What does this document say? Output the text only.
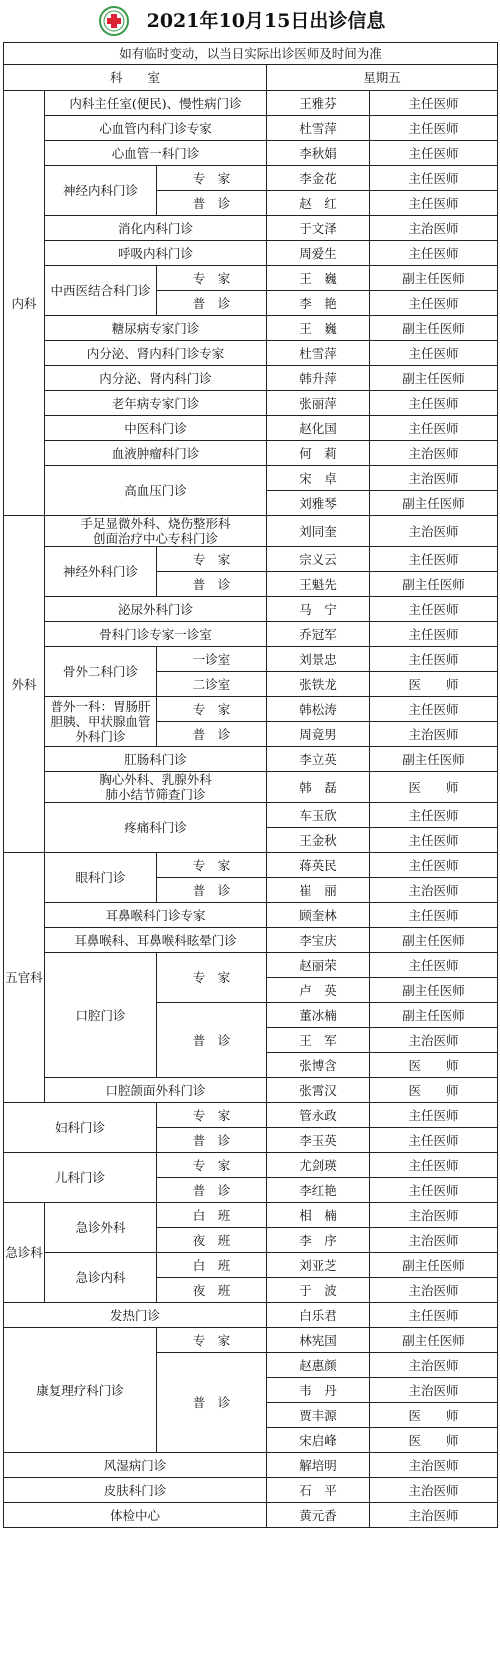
2021年10月15日出诊信息
如有临时变动，以当日实际出诊医师及时间为准				
科　　室			星期五	
内科	内科主任室(便民)、慢性病门诊		王雅芬	主任医师
	心血管内科门诊专家		杜雪萍	主任医师
	心血管一科门诊		李秋娟	主任医师
	神经内科门诊	专　家	李金花	主任医师
		普　诊	赵　红	主任医师
	消化内科门诊		于文泽	主治医师
	呼吸内科门诊		周爱生	主任医师
	中西医结合科门诊	专　家	王　巍	副主任医师
		普　诊	李　艳	主任医师
	糖尿病专家门诊		王　巍	副主任医师
	内分泌、肾内科门诊专家		杜雪萍	主任医师
	内分泌、肾内科门诊		韩升萍	副主任医师
	老年病专家门诊		张丽萍	主任医师
	中医科门诊		赵化国	主任医师
	血液肿瘤科门诊		何　莉	主治医师
	高血压门诊		宋　卓	主治医师
			刘雅琴	副主任医师
外科	手足显微外科、烧伤整形科
创面治疗中心专科门诊		刘同奎	主治医师
	神经外科门诊	专　家	宗义云	主任医师
		普　诊	王魁先	副主任医师
	泌尿外科门诊		马　宁	主任医师
	骨科门诊专家一诊室		乔冠军	主任医师
	骨外二科门诊	一诊室	刘景忠	主任医师
		二诊室	张铁龙	医　　师
	普外一科：胃肠肝
胆胰、甲状腺血管
外科门诊	专　家	韩松涛	主任医师
		普　诊	周竟男	主治医师
	肛肠科门诊		李立英	副主任医师
	胸心外科、乳腺外科
肺小结节筛查门诊		韩　磊	医　　师
	疼痛科门诊		车玉欣	主任医师
			王金秋	主任医师
五官科	眼科门诊	专　家	蒋英民	主任医师
		普　诊	崔　丽	主治医师
	耳鼻喉科门诊专家		顾奎林	主任医师
	耳鼻喉科、耳鼻喉科眩晕门诊		李宝庆	副主任医师
	口腔门诊	专　家	赵丽荣	主任医师
			卢　英	副主任医师
		普　诊	董冰楠	副主任医师
			王　军	主治医师
			张博含	医　　师
	口腔颌面外科门诊		张霄汉	医　　师
妇科门诊		专　家	管永政	主任医师
		普　诊	李玉英	主任医师
儿科门诊		专　家	尤剑瑛	主任医师
		普　诊	李红艳	主任医师
急诊科	急诊外科	白　班	相　楠	主治医师
		夜　班	李　序	主治医师
	急诊内科	白　班	刘亚芝	副主任医师
		夜　班	于　波	主治医师
发热门诊			白乐君	主任医师
康复理疗科门诊		专　家	林宪国	副主任医师
		普　诊	赵惠颜	主治医师
			韦　丹	主治医师
			贾丰源	医　　师
			宋启峰	医　　师
风湿病门诊			解培明	主治医师
皮肤科门诊			石　平	主治医师
体检中心			黄元香	主治医师
